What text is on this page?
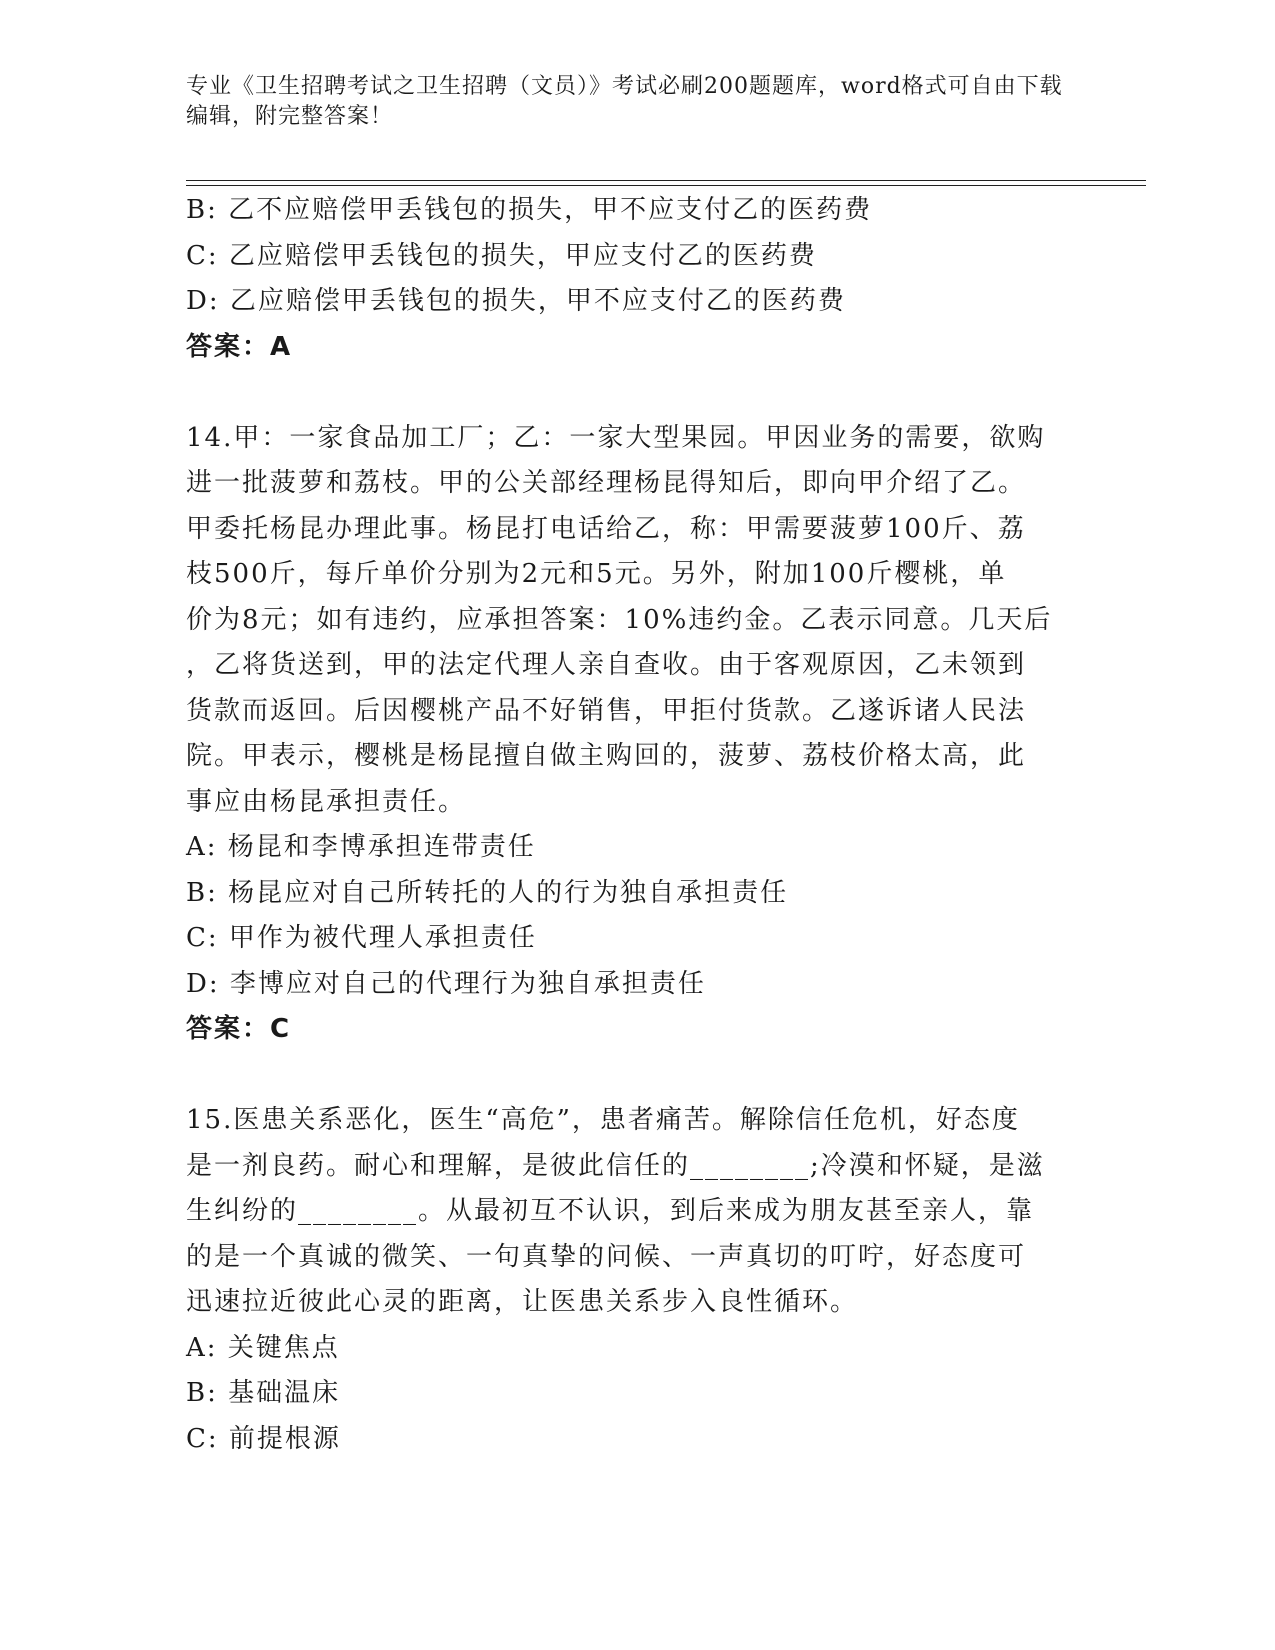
专业《卫生招聘考试之卫生招聘（文员）》考试必刷200题题库，word格式可自由下载编辑，附完整答案！
B: 乙不应赔偿甲丢钱包的损失，甲不应支付乙的医药费
C: 乙应赔偿甲丢钱包的损失，甲应支付乙的医药费
D: 乙应赔偿甲丢钱包的损失，甲不应支付乙的医药费
答案：A
14.甲：一家食品加工厂；乙：一家大型果园。甲因业务的需要，欲购
进一批菠萝和荔枝。甲的公关部经理杨昆得知后，即向甲介绍了乙。
甲委托杨昆办理此事。杨昆打电话给乙，称：甲需要菠萝100斤、荔
枝500斤，每斤单价分别为2元和5元。另外，附加100斤樱桃，单
价为8元；如有违约，应承担答案：10%违约金。乙表示同意。几天后
，乙将货送到，甲的法定代理人亲自查收。由于客观原因，乙未领到
货款而返回。后因樱桃产品不好销售，甲拒付货款。乙遂诉诸人民法
院。甲表示，樱桃是杨昆擅自做主购回的，菠萝、荔枝价格太高，此
事应由杨昆承担责任。
A: 杨昆和李博承担连带责任
B: 杨昆应对自己所转托的人的行为独自承担责任
C: 甲作为被代理人承担责任
D: 李博应对自己的代理行为独自承担责任
答案：C
15.医患关系恶化，医生“高危”，患者痛苦。解除信任危机，好态度
是一剂良药。耐心和理解，是彼此信任的________;冷漠和怀疑，是滋
生纠纷的________。从最初互不认识，到后来成为朋友甚至亲人，靠
的是一个真诚的微笑、一句真挚的问候、一声真切的叮咛，好态度可
迅速拉近彼此心灵的距离，让医患关系步入良性循环。
A: 关键焦点
B: 基础温床
C: 前提根源
